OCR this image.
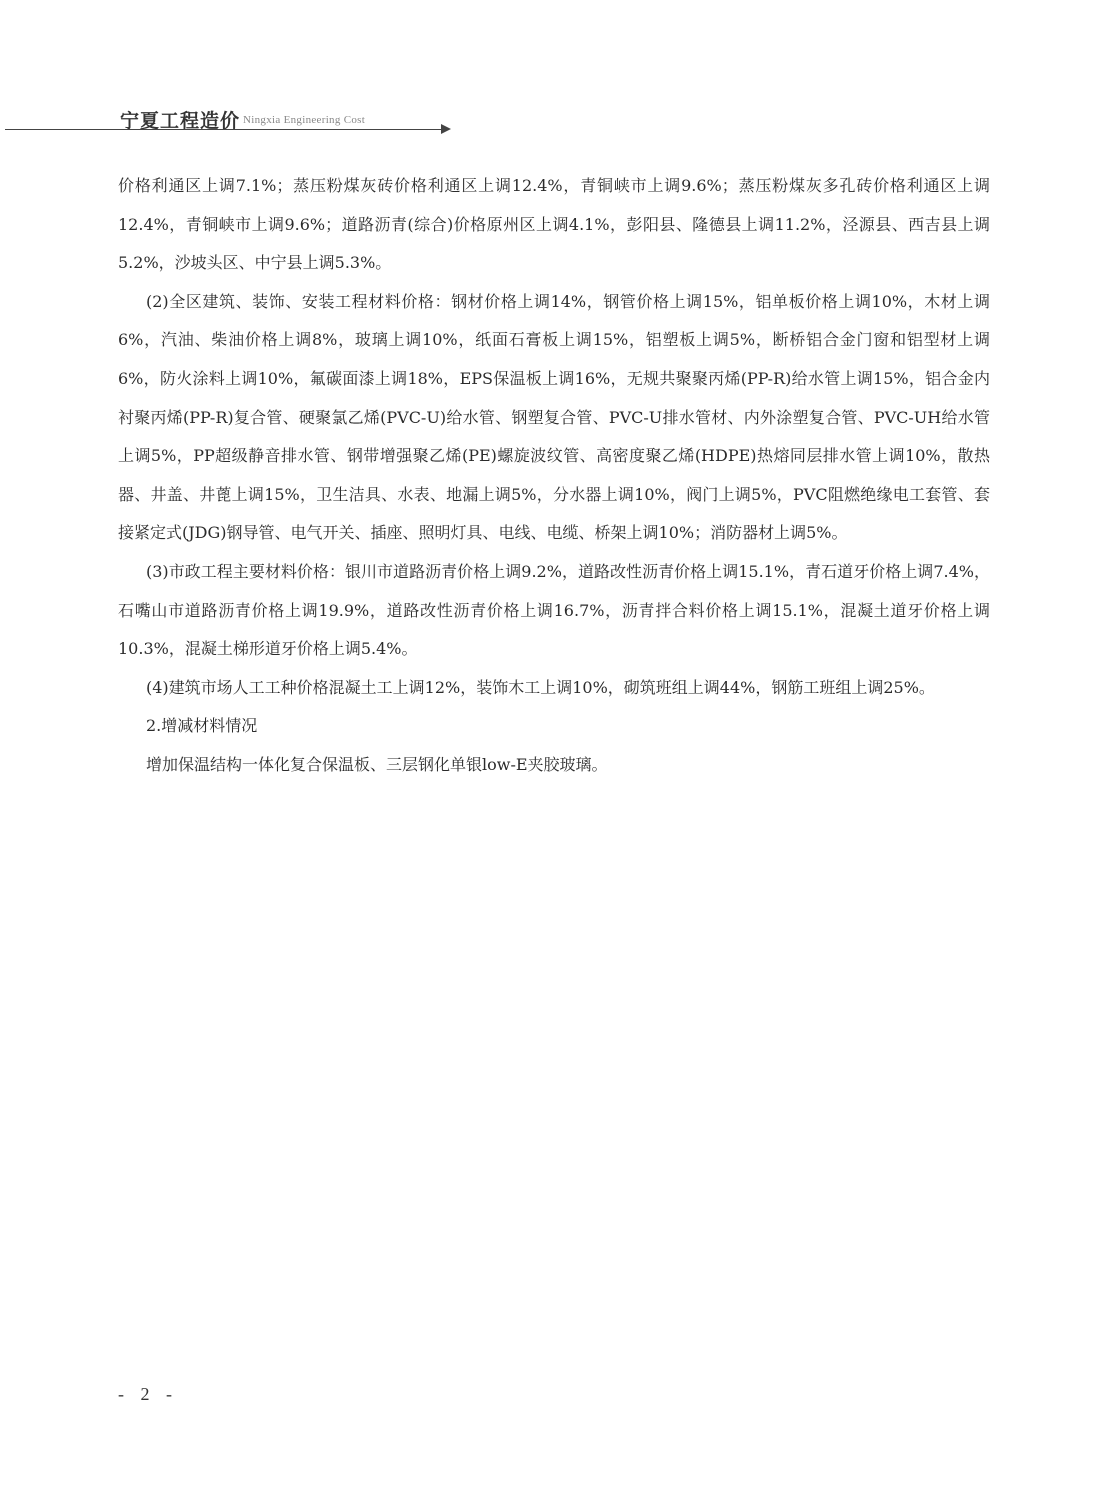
宁夏工程造价 Ningxia Engineering Cost

价格利通区上调7.1%；蒸压粉煤灰砖价格利通区上调12.4%，青铜峡市上调9.6%；蒸压粉煤灰多孔砖价格利通区上调12.4%，青铜峡市上调9.6%；道路沥青(综合)价格原州区上调4.1%，彭阳县、隆德县上调11.2%，泾源县、西吉县上调5.2%，沙坡头区、中宁县上调5.3%。

(2)全区建筑、装饰、安装工程材料价格：钢材价格上调14%，钢管价格上调15%，铝单板价格上调10%，木材上调6%，汽油、柴油价格上调8%，玻璃上调10%，纸面石膏板上调15%，铝塑板上调5%，断桥铝合金门窗和铝型材上调6%，防火涂料上调10%，氟碳面漆上调18%，EPS保温板上调16%，无规共聚聚丙烯(PP-R)给水管上调15%，铝合金内衬聚丙烯(PP-R)复合管、硬聚氯乙烯(PVC-U)给水管、钢塑复合管、PVC-U排水管材、内外涂塑复合管、PVC-UH给水管上调5%，PP超级静音排水管、钢带增强聚乙烯(PE)螺旋波纹管、高密度聚乙烯(HDPE)热熔同层排水管上调10%，散热器、井盖、井蓖上调15%，卫生洁具、水表、地漏上调5%，分水器上调10%，阀门上调5%，PVC阻燃绝缘电工套管、套接紧定式(JDG)钢导管、电气开关、插座、照明灯具、电线、电缆、桥架上调10%；消防器材上调5%。

(3)市政工程主要材料价格：银川市道路沥青价格上调9.2%，道路改性沥青价格上调15.1%，青石道牙价格上调7.4%，石嘴山市道路沥青价格上调19.9%，道路改性沥青价格上调16.7%，沥青拌合料价格上调15.1%，混凝土道牙价格上调10.3%，混凝土梯形道牙价格上调5.4%。

(4)建筑市场人工工种价格混凝土工上调12%，装饰木工上调10%，砌筑班组上调44%，钢筋工班组上调25%。

2.增减材料情况

增加保温结构一体化复合保温板、三层钢化单银low-E夹胶玻璃。

- 2 -
